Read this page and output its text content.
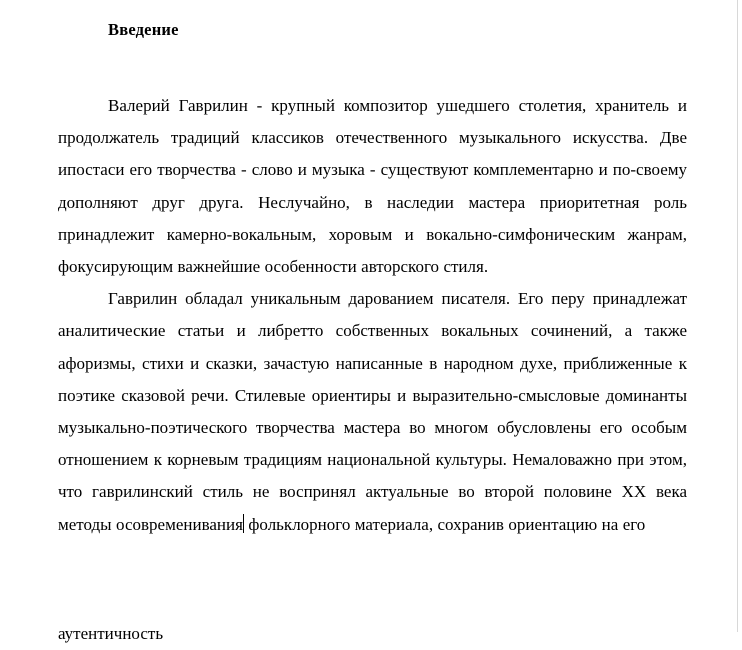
Введение

Валерий Гаврилин - крупный композитор ушедшего столетия, хранитель и продолжатель традиций классиков отечественного музыкального искусства. Две ипостаси его творчества - слово и музыка - существуют комплементарно и по-своему дополняют друг друга. Неслучайно, в наследии мастера приоритетная роль принадлежит камерно-вокальным, хоровым и вокально-симфоническим жанрам, фокусирующим важнейшие особенности авторского стиля.

Гаврилин обладал уникальным дарованием писателя. Его перу принадлежат аналитические статьи и либретто собственных вокальных сочинений, а также афоризмы, стихи и сказки, зачастую написанные в народном духе, приближенные к поэтике сказовой речи. Стилевые ориентиры и выразительно-смысловые доминанты музыкально-поэтического творчества мастера во многом обусловлены его особым отношением к корневым традициям национальной культуры. Немаловажно при этом, что гаврилинский стиль не воспринял актуальные во второй половине XX века методы осовременивания фольклорного материала, сохранив ориентацию на его

аутентичность
